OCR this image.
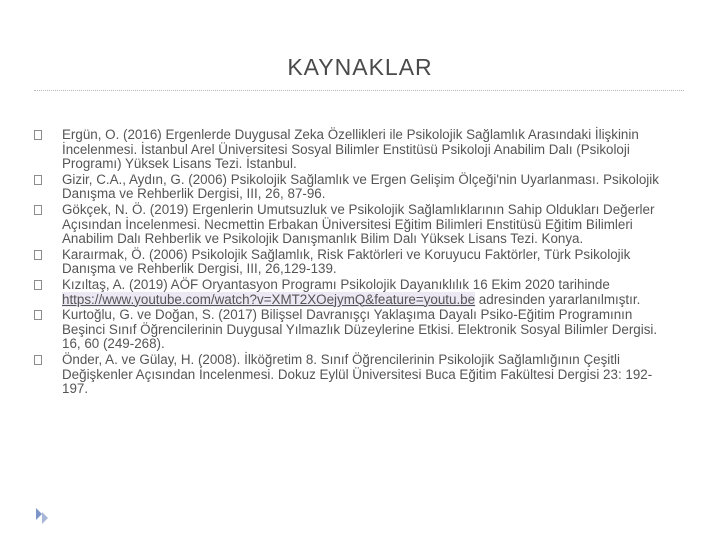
KAYNAKLAR
Ergün, O. (2016) Ergenlerde Duygusal Zeka Özellikleri ile Psikolojik Sağlamlık Arasındaki İlişkinin İncelenmesi. İstanbul Arel Üniversitesi Sosyal Bilimler Enstitüsü Psikoloji Anabilim Dalı (Psikoloji Programı) Yüksek Lisans Tezi. İstanbul.
Gizir, C.A., Aydın, G. (2006) Psikolojik Sağlamlık ve Ergen Gelişim Ölçeği'nin Uyarlanması. Psikolojik Danışma ve Rehberlik Dergisi, III, 26, 87-96.
Gökçek, N. Ö. (2019) Ergenlerin Umutsuzluk ve Psikolojik Sağlamlıklarının Sahip Oldukları Değerler Açısından İncelenmesi. Necmettin Erbakan Üniversitesi Eğitim Bilimleri Enstitüsü Eğitim Bilimleri Anabilim Dalı Rehberlik ve Psikolojik Danışmanlık Bilim Dalı Yüksek Lisans Tezi. Konya.
Karaırmak, Ö. (2006) Psikolojik Sağlamlık, Risk Faktörleri ve Koruyucu Faktörler, Türk Psikolojik Danışma ve Rehberlik Dergisi, III, 26,129-139.
Kızıltaş, A. (2019) AÖF Oryantasyon Programı Psikolojik Dayanıklılık 16 Ekim 2020 tarihinde https://www.youtube.com/watch?v=XMT2XOejymQ&feature=youtu.be adresinden yararlanılmıştır.
Kurtoğlu, G. ve Doğan, S. (2017) Bilişsel Davranışçı Yaklaşıma Dayalı Psiko-Eğitim Programının Beşinci Sınıf Öğrencilerinin Duygusal Yılmazlık Düzeylerine Etkisi. Elektronik Sosyal Bilimler Dergisi. 16, 60 (249-268).
Önder, A. ve Gülay, H. (2008). İlköğretim 8. Sınıf Öğrencilerinin Psikolojik Sağlamlığının Çeşitli Değişkenler Açısından İncelenmesi. Dokuz Eylül Üniversitesi Buca Eğitim Fakültesi Dergisi 23: 192-197.
